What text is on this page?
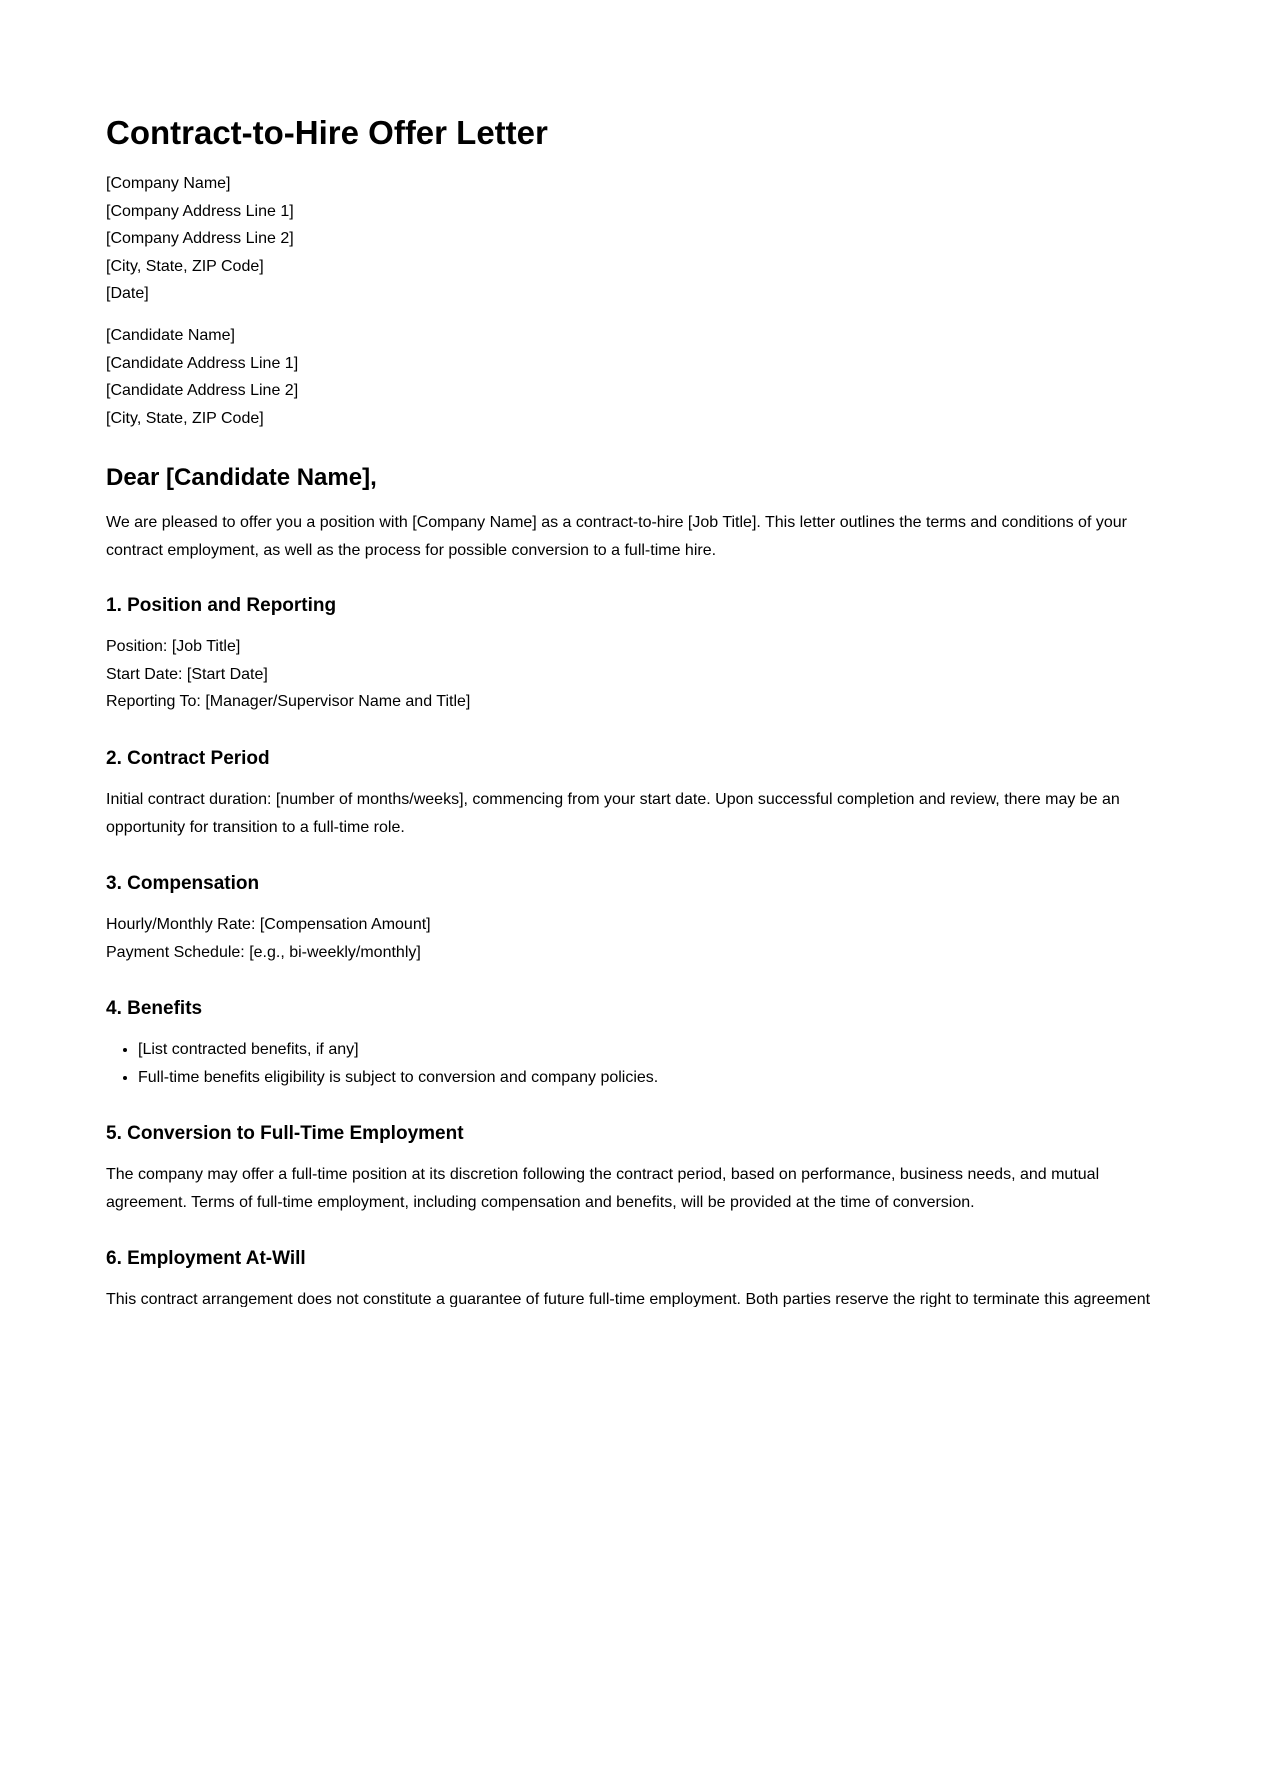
Contract-to-Hire Offer Letter
[Company Name]
[Company Address Line 1]
[Company Address Line 2]
[City, State, ZIP Code]
[Date]
[Candidate Name]
[Candidate Address Line 1]
[Candidate Address Line 2]
[City, State, ZIP Code]
Dear [Candidate Name],

We are pleased to offer you a position with [Company Name] as a contract-to-hire [Job Title]. This letter outlines the terms and conditions of your contract employment, as well as the process for possible conversion to a full-time hire.

1. Position and Reporting
Position: [Job Title]
Start Date: [Start Date]
Reporting To: [Manager/Supervisor Name and Title]
2. Contract Period

Initial contract duration: [number of months/weeks], commencing from your start date. Upon successful completion and review, there may be an opportunity for transition to a full-time role.

3. Compensation
Hourly/Monthly Rate: [Compensation Amount]
Payment Schedule: [e.g., bi-weekly/monthly]
4. Benefits
• [List contracted benefits, if any]
• Full-time benefits eligibility is subject to conversion and company policies.
5. Conversion to Full-Time Employment

The company may offer a full-time position at its discretion following the contract period, based on performance, business needs, and mutual agreement. Terms of full-time employment, including compensation and benefits, will be provided at the time of conversion.

6. Employment At-Will

This contract arrangement does not constitute a guarantee of future full-time employment. Both parties reserve the right to terminate this agreement
